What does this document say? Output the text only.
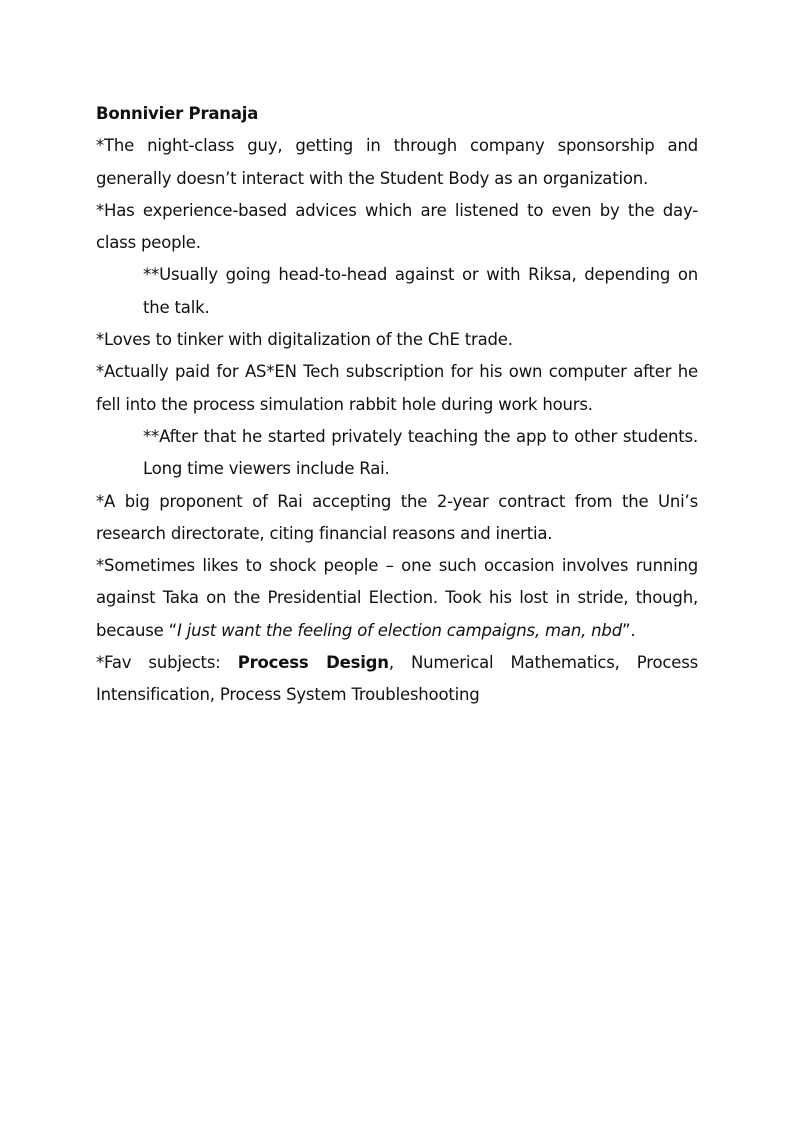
Bonnivier Pranaja

*The night-class guy, getting in through company sponsorship and generally doesn’t interact with the Student Body as an organization.

*Has experience-based advices which are listened to even by the day-class people.

**Usually going head-to-head against or with Riksa, depending on the talk.

*Loves to tinker with digitalization of the ChE trade.

*Actually paid for AS*EN Tech subscription for his own computer after he fell into the process simulation rabbit hole during work hours.

**After that he started privately teaching the app to other students. Long time viewers include Rai.

*A big proponent of Rai accepting the 2-year contract from the Uni’s research directorate, citing financial reasons and inertia.

*Sometimes likes to shock people – one such occasion involves running against Taka on the Presidential Election. Took his lost in stride, though, because “I just want the feeling of election campaigns, man, nbd”.

*Fav subjects: Process Design, Numerical Mathematics, Process Intensification, Process System Troubleshooting
